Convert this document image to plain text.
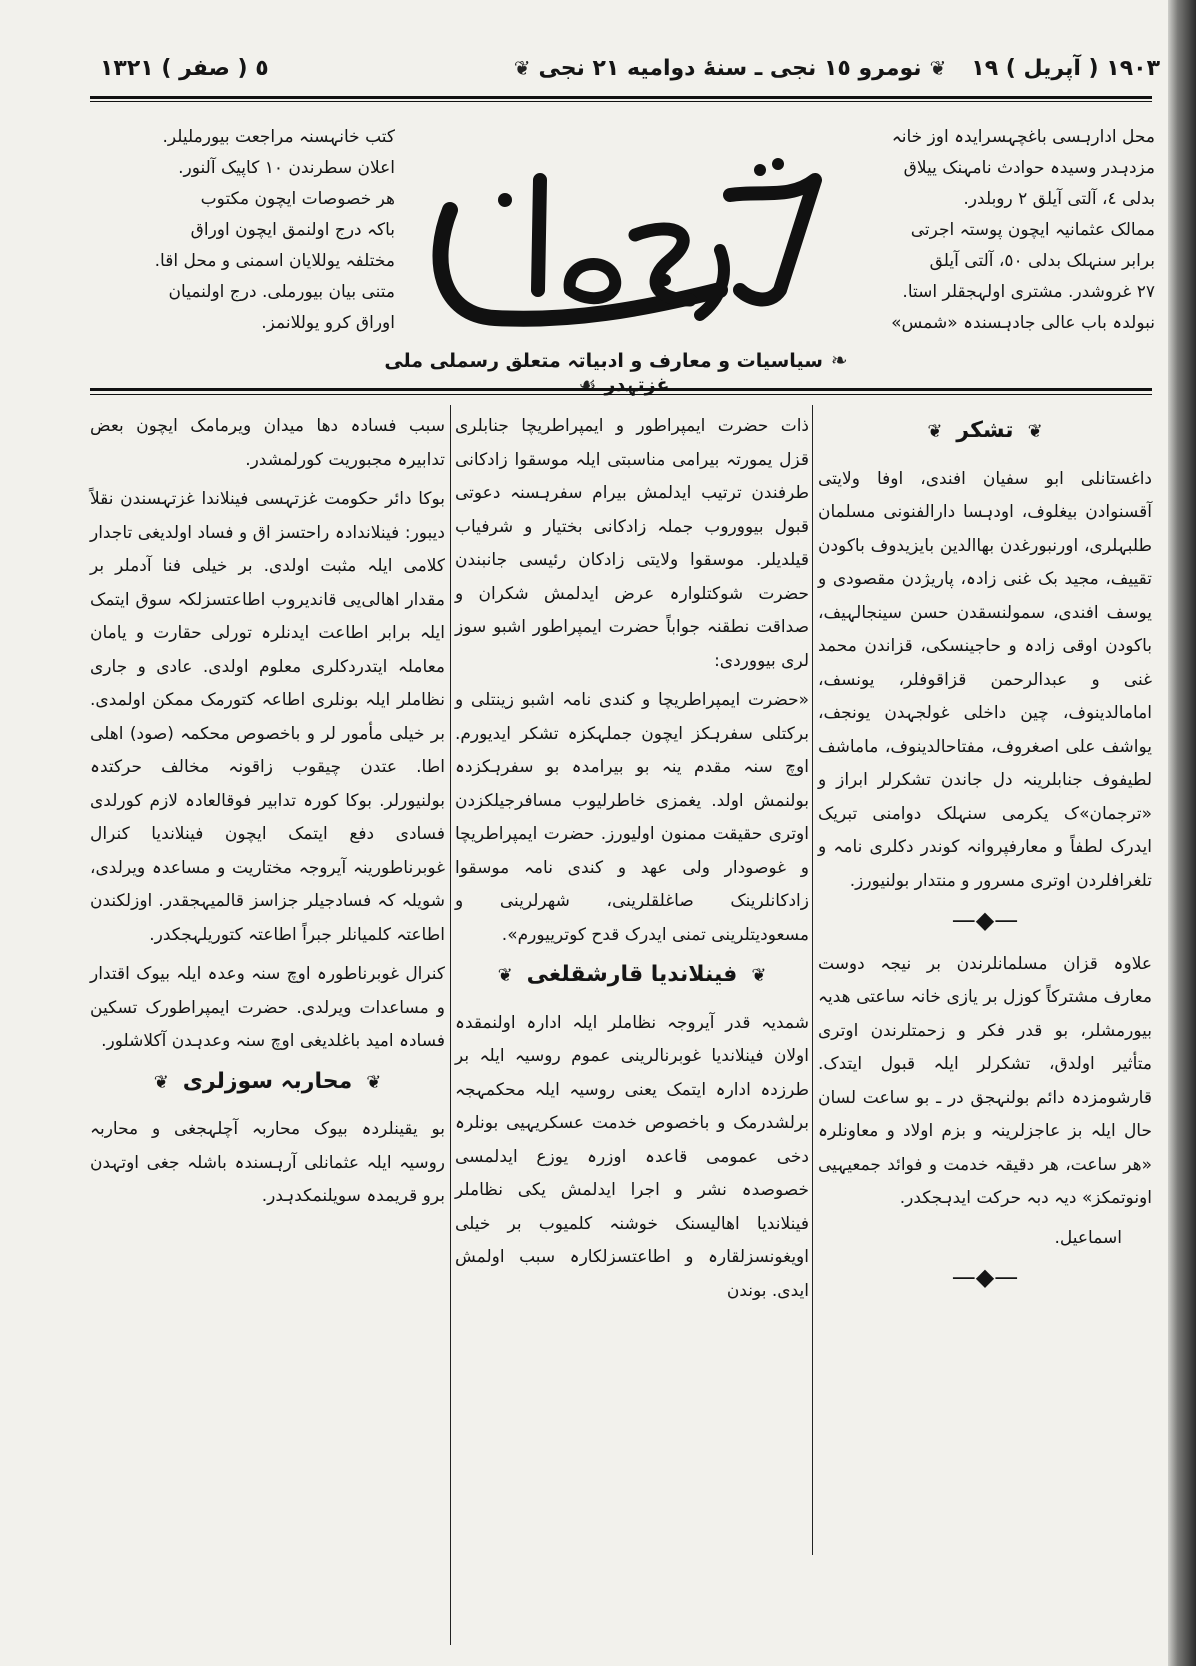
١٩٠٣ ( آپریل ) ١٩
❦نومرو ١٥ نجى ـ سنهٔ دوامیه ٢١ نجى❦
٥ ( صفر ) ١٣٢١

محل ادارہسی باغچہسرایدہ اوز خانہ

مزدہدر وسیدہ حوادث نامہنک ییلاق

بدلی ٤، آلتی آیلق ٢ روبلدر.

ممالک عثمانیہ ایچون پوستہ اجرتی

برابر سنہلک بدلی ٥٠، آلتی آیلق

٢٧ غروشدر. مشتری اولہجقلر استا.

نبولدہ باب عالی جادہسندہ «شمس»

کتب خانہسنہ مراجعت بیورملیلر.

اعلان سطرندن ١٠ کاپیک آلنور.

هر خصوصات ایچون مکتوب

باکہ درج اولنمق ایچون اوراق

مختلفہ یوللایان اسمنی و محل اقا.

متنی بیان بیورملی. درج اولنمیان

اوراق کرو یوللانمز.

❧سیاسیات و معارف و ادبیاتہ متعلق رسملی ملی غزتہدر☙
❦تشکر❦

داغستانلی ابو سفیان افندی، اوفا ولایتی آقسنوادن بیغلوف، اودہسا دارالفنونی مسلمان طلبہلری، اورنبورغدن بهاالدین بایزیدوف باکودن تقییف، مجید بک غنی زادہ، پاریژدن مقصودی و یوسف افندی، سمولنسقدن حسن سینجالہیف، باکودن اوقی زادہ و حاجینسکی، قزاندن محمد غنی و عبدالرحمن قزاقوفلر، یونسف، امامالدینوف، چین داخلی غولجہدن یونجف، یواشف علی اصغروف، مفتاحالدینوف، ماماشف لطیفوف جنابلرینہ دل جاندن تشکرلر ابراز و «ترجمان»ک یکرمی سنہلک دوامنی تبریک ایدرک لطفاً و معارفپروانہ کوندر دکلری نامہ و تلغرافلردن اوتری مسرور و منتدار بولنیورز.

—◆—

علاوہ قزان مسلمانلرندن بر نیجہ دوست معارف مشترکاً کوزل بر یازی خانہ ساعتی هدیہ بیورمشلر، بو قدر فکر و زحمتلرندن اوتری متأثیر اولدق، تشکرلر ایلہ قبول ایتدک. قارشومزدہ دائم بولنہجق در ـ بو ساعت لسان حال ایلہ بز عاجزلرینہ و بزم اولاد و معاونلرہ «هر ساعت، هر دقیقہ خدمت و فوائد جمعیہیی اونوتمکز» دیہ دبہ حرکت ایدہجکدر.

اسماعیل.

—◆—

ذات حضرت ایمپراطور و ایمپراطریچا جنابلری قزل یمورتہ بیرامی مناسبتی ایلہ موسقوا زادکانی طرفندن ترتیب ایدلمش بیرام سفرہسنہ دعوتی قبول بیووروب جملہ زادکانی بختیار و شرفیاب قیلدیلر. موسقوا ولایتی زادکان رئیسی جانبندن حضرت شوکتلوارہ عرض ایدلمش شکران و صداقت نطقنہ جواباً حضرت ایمپراطور اشبو سوز لری بیووردی:

«حضرت ایمپراطریچا و کندی نامہ اشبو زینتلی و برکتلی سفرہکز ایچون جملہکزہ تشکر ایدیورم. اوچ سنہ مقدم ینہ بو بیرامدہ بو سفرہکزدہ بولنمش اولد. یغمزی خاطرلیوب مسافرجیلکزدن اوتری حقیقت ممنون اولیورز. حضرت ایمپراطریچا و غوصودار ولی عهد و کندی نامہ موسقوا زادکانلرینک صاغلقلرینی، شهرلرینی و مسعودیتلرینی تمنی ایدرک قدح کوترییورم».

❦فینلاندیا قارشقلغی❦

شمدیہ قدر آیروجہ نظاملر ایلہ ادارہ اولنمقدہ اولان فینلاندیا غوبرنالرینی عموم روسیہ ایلہ بر طرزدہ ادارہ ایتمک یعنی روسیہ ایلہ محکمہجہ برلشدرمک و باخصوص خدمت عسکریہیی بونلرہ دخی عمومی قاعدہ اوزرہ یوزع ایدلمسی خصوصدہ نشر و اجرا ایدلمش یکی نظاملر فینلاندیا اهالیسنک خوشنہ کلمیوب بر خیلی اویغونسزلقارہ و اطاعتسزلکارہ سبب اولمش ایدی. بوندن

سبب فسادہ دها میدان ویرمامک ایچون بعض تدابیرہ مجبوریت کورلمشدر.

بوکا دائر حکومت غزتہسی فینلاندا غزتہسندن نقلاً دیبور: فینلاندادہ راحتسز اق و فساد اولدیغی تاجدار کلامی ایلہ مثبت اولدی. بر خیلی فنا آدملر بر مقدار اهالی‌یی قاندیروب اطاعتسزلکہ سوق ایتمک ایلہ برابر اطاعت ایدنلرہ تورلی حقارت و یامان معاملہ ایتدردکلری معلوم اولدی. عادی و جاری نظاملر ایلہ بونلری اطاعہ کتورمک ممکن اولمدی. بر خیلی مأمور لر و باخصوص محکمہ (صود) اهلی اطا. عتدن چیقوب زاقونہ مخالف حرکتدہ بولنیورلر. بوکا کورہ تدابیر فوقالعادہ لازم کورلدی فسادی دفع ایتمک ایچون فینلاندیا کنرال غوبرناطورینہ آیروجہ مختاریت و مساعدہ ویرلدی، شویلہ کہ فسادجیلر جزاسز قالمیہجقدر. اوزلکندن اطاعتہ کلمیانلر جبراً اطاعتہ کتوریلہجکدر.

کنرال غوبرناطورہ اوچ سنہ وعدہ ایلہ بیوک اقتدار و مساعدات ویرلدی. حضرت ایمپراطورک تسکین فسادہ امید باغلدیغی اوچ سنہ وعدہدن آکلاشلور.

❦محاربہ سوزلری❦

بو یقینلردہ بیوک محاربہ آچلہجغی و محاربہ روسیہ ایلہ عثمانلی آرہسندہ باشلہ جغی اوتہدن برو قریمدہ سویلنمکدہدر.
